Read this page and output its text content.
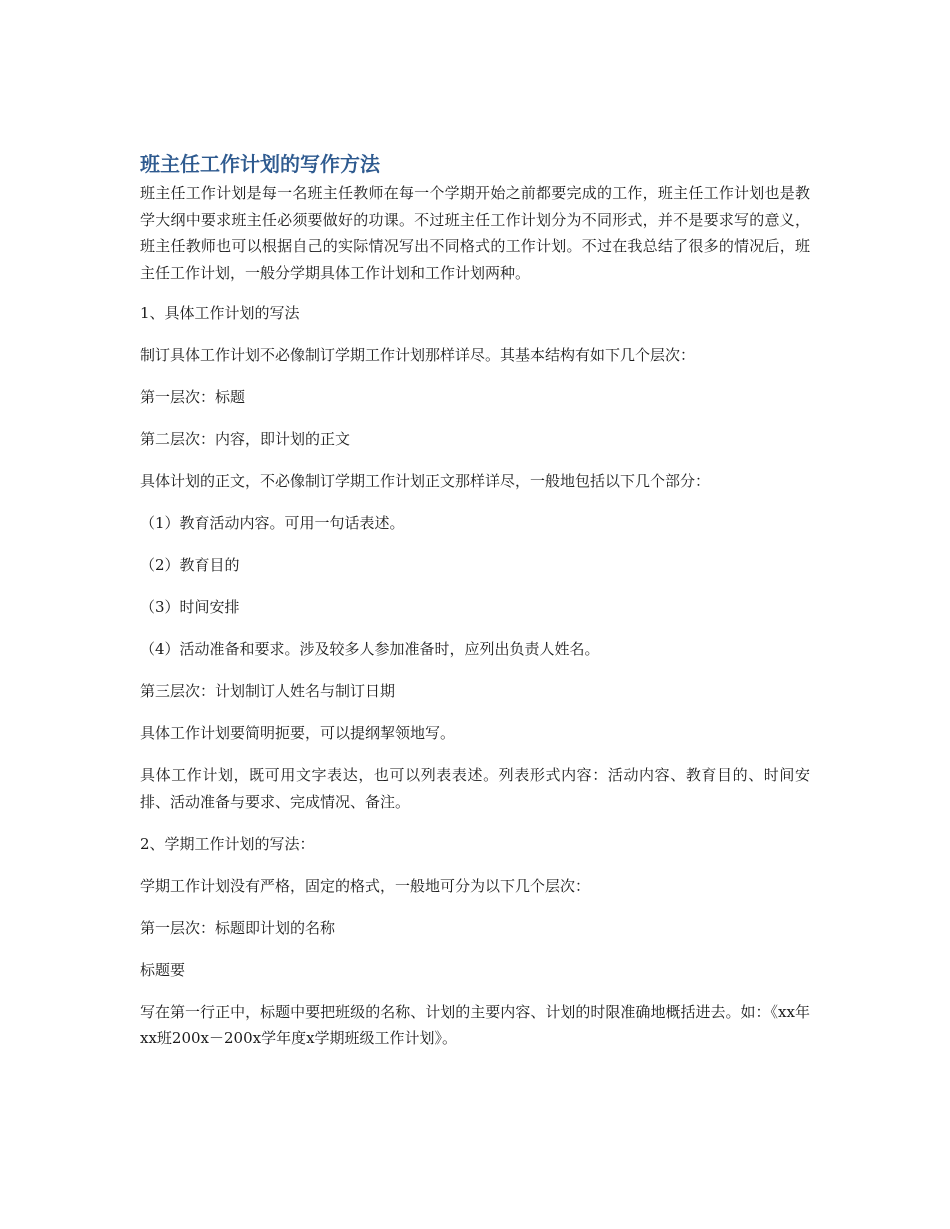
班主任工作计划的写作方法

班主任工作计划是每一名班主任教师在每一个学期开始之前都要完成的工作，班主任工作计划也是教学大纲中要求班主任必须要做好的功课。不过班主任工作计划分为不同形式，并不是要求写的意义，班主任教师也可以根据自己的实际情况写出不同格式的工作计划。不过在我总结了很多的情况后，班主任工作计划，一般分学期具体工作计划和工作计划两种。

1、具体工作计划的写法

制订具体工作计划不必像制订学期工作计划那样详尽。其基本结构有如下几个层次：

第一层次：标题

第二层次：内容，即计划的正文

具体计划的正文，不必像制订学期工作计划正文那样详尽，一般地包括以下几个部分：

（1）教育活动内容。可用一句话表述。

（2）教育目的

（3）时间安排

（4）活动准备和要求。涉及较多人参加准备时，应列出负责人姓名。

第三层次：计划制订人姓名与制订日期

具体工作计划要简明扼要，可以提纲挈领地写。

具体工作计划，既可用文字表达，也可以列表表述。列表形式内容：活动内容、教育目的、时间安排、活动准备与要求、完成情况、备注。

2、学期工作计划的写法：

学期工作计划没有严格，固定的格式，一般地可分为以下几个层次：

第一层次：标题即计划的名称

标题要

写在第一行正中，标题中要把班级的名称、计划的主要内容、计划的时限准确地概括进去。如：《xx年xx班200x－200x学年度x学期班级工作计划》。
